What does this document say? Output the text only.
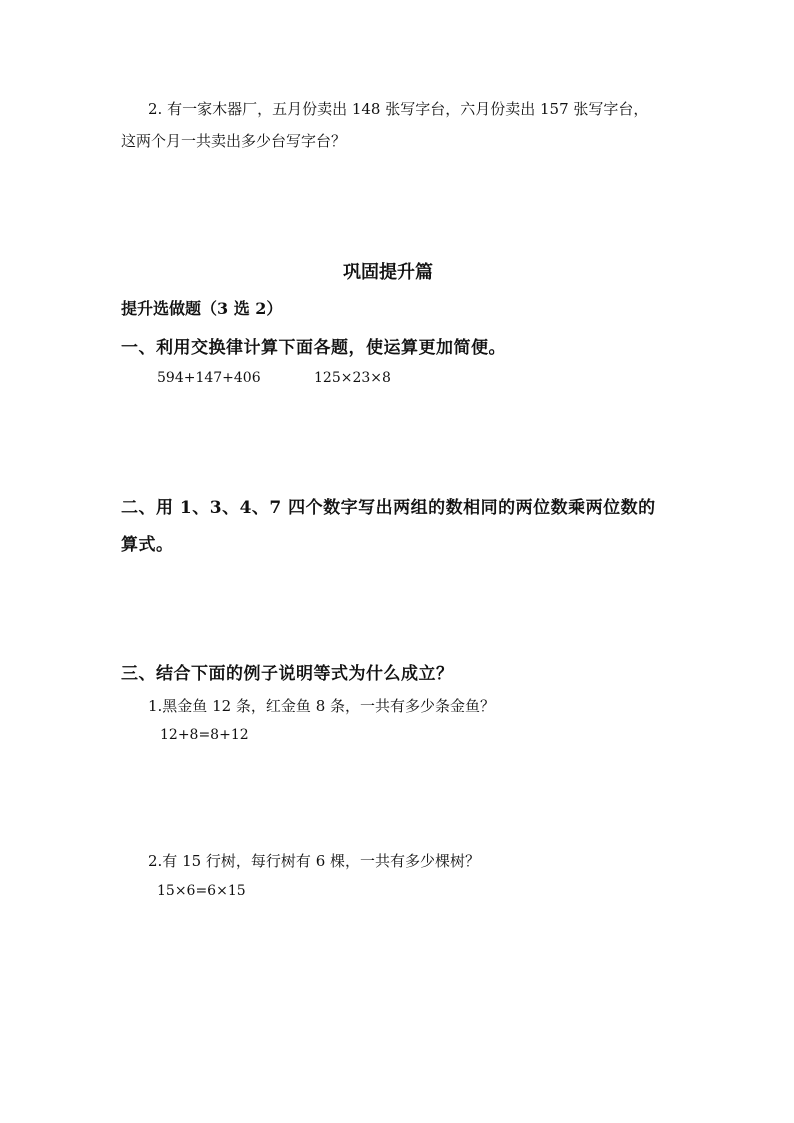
2. 有一家木器厂，五月份卖出 148 张写字台，六月份卖出 157 张写字台，

这两个月一共卖出多少台写字台？

巩固提升篇

提升选做题（3 选 2）

一、利用交换律计算下面各题，使运算更加简便。

594+147+406	125×23×8

二、用 1、3、4、7 四个数字写出两组的数相同的两位数乘两位数的

算式。

三、结合下面的例子说明等式为什么成立？

1.黑金鱼 12 条，红金鱼 8 条，一共有多少条金鱼？

12+8=8+12

2.有 15 行树，每行树有 6 棵，一共有多少棵树？

15×6=6×15
